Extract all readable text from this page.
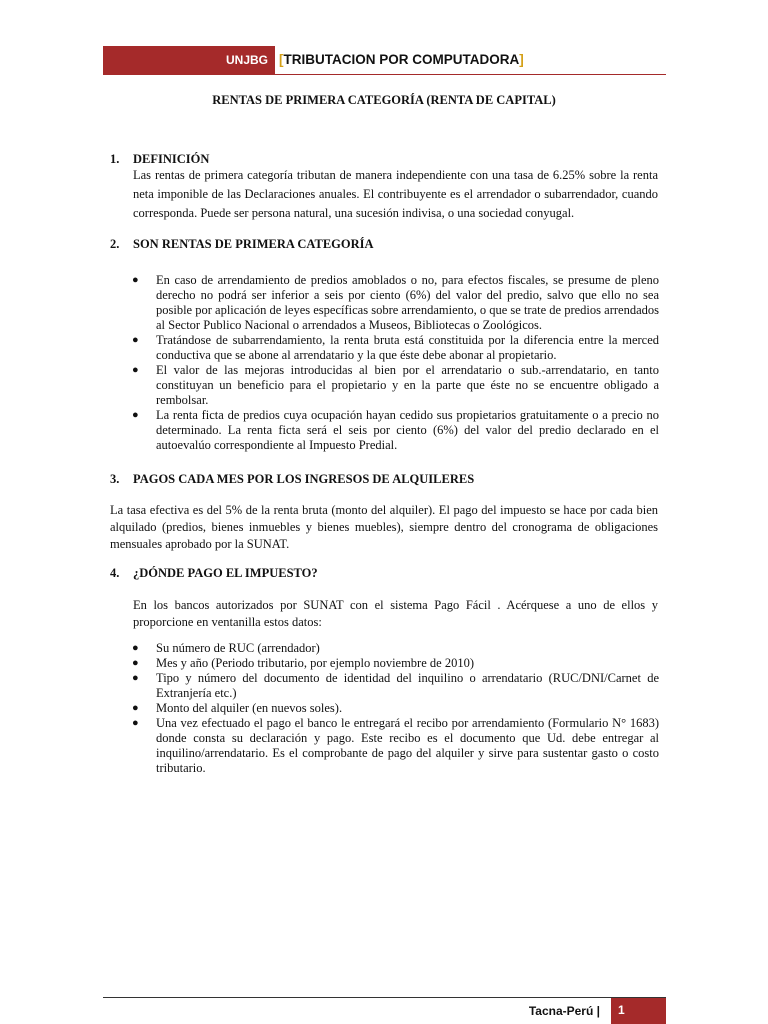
UNJBG [TRIBUTACION POR COMPUTADORA]
RENTAS DE PRIMERA CATEGORÍA (RENTA DE CAPITAL)
1. DEFINICIÓN
Las rentas de primera categoría tributan de manera independiente con una tasa de 6.25% sobre la renta neta imponible de las Declaraciones anuales. El contribuyente es el arrendador o subarrendador, cuando corresponda. Puede ser persona natural, una sucesión indivisa, o una sociedad conyugal.
2. SON RENTAS DE PRIMERA CATEGORÍA
●	En caso de arrendamiento de predios amoblados o no, para efectos fiscales, se presume de pleno derecho no podrá ser inferior a seis por ciento (6%) del valor del predio, salvo que ello no sea posible por aplicación de leyes específicas sobre arrendamiento, o que se trate de predios arrendados al Sector Publico Nacional o arrendados a Museos, Bibliotecas o Zoológicos.
●	Tratándose de subarrendamiento, la renta bruta está constituida por la diferencia entre la merced conductiva que se abone al arrendatario y la que éste debe abonar al propietario.
●	El valor de las mejoras introducidas al bien por el arrendatario o sub.-arrendatario, en tanto constituyan un beneficio para el propietario y en la parte que éste no se encuentre obligado a rembolsar.
●	La renta ficta de predios cuya ocupación hayan cedido sus propietarios gratuitamente o a precio no determinado. La renta ficta será el seis por ciento (6%) del valor del predio declarado en el autoevalúo correspondiente al Impuesto Predial.
3. PAGOS CADA MES POR LOS INGRESOS DE ALQUILERES
La tasa efectiva es del 5% de la renta bruta (monto del alquiler). El pago del impuesto se hace por cada bien alquilado (predios, bienes inmuebles y bienes muebles), siempre dentro del cronograma de obligaciones mensuales aprobado por la SUNAT.
4. ¿DÓNDE PAGO EL IMPUESTO?
En los bancos autorizados por SUNAT con el sistema Pago Fácil . Acérquese a uno de ellos y proporcione en ventanilla estos datos:
●	Su número de RUC (arrendador)
●	Mes y año (Periodo tributario, por ejemplo noviembre de 2010)
●	Tipo y número del documento de identidad del inquilino o arrendatario (RUC/DNI/Carnet de Extranjería etc.)
●	Monto del alquiler (en nuevos soles).
●	Una vez efectuado el pago el banco le entregará el recibo por arrendamiento (Formulario N° 1683) donde consta su declaración y pago. Este recibo es el documento que Ud. debe entregar al inquilino/arrendatario. Es el comprobante de pago del alquiler y sirve para sustentar gasto o costo tributario.
Tacna-Perú |	1
